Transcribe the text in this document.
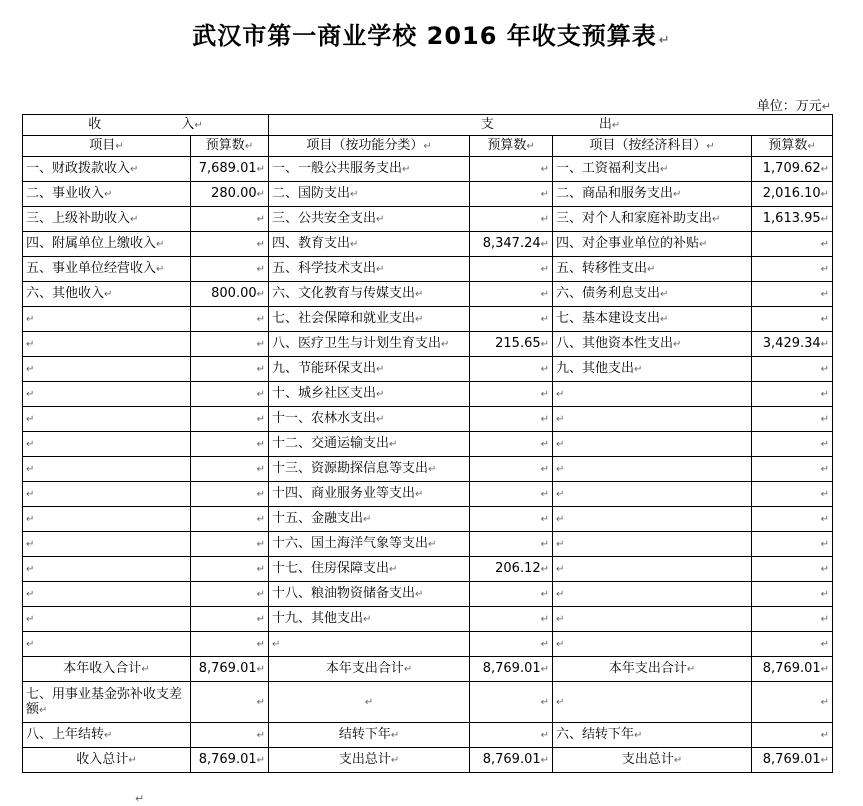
武汉市第一商业学校 2016 年收支预算表 ↵
单位：万元↵
收 入↵		支 出↵			
项目↵	预算数↵	项目（按功能分类）↵	预算数↵	项目（按经济科目）↵	预算数↵
一、财政拨款收入↵	7,689.01↵	一、一般公共服务支出↵	↵	一、工资福利支出↵	1,709.62↵
二、事业收入↵	280.00↵	二、国防支出↵	↵	二、商品和服务支出↵	2,016.10↵
三、上级补助收入↵	↵	三、公共安全支出↵	↵	三、对个人和家庭补助支出↵	1,613.95↵
四、附属单位上缴收入↵	↵	四、教育支出↵	8,347.24↵	四、对企事业单位的补贴↵	↵
五、事业单位经营收入↵	↵	五、科学技术支出↵	↵	五、转移性支出↵	↵
六、其他收入↵	800.00↵	六、文化教育与传媒支出↵	↵	六、债务利息支出↵	↵
↵	↵	七、社会保障和就业支出↵	↵	七、基本建设支出↵	↵
↵	↵	八、医疗卫生与计划生育支出↵	215.65↵	八、其他资本性支出↵	3,429.34↵
↵	↵	九、节能环保支出↵	↵	九、其他支出↵	↵
↵	↵	十、城乡社区支出↵	↵	↵	↵
↵	↵	十一、农林水支出↵	↵	↵	↵
↵	↵	十二、交通运输支出↵	↵	↵	↵
↵	↵	十三、资源勘探信息等支出↵	↵	↵	↵
↵	↵	十四、商业服务业等支出↵	↵	↵	↵
↵	↵	十五、金融支出↵	↵	↵	↵
↵	↵	十六、国土海洋气象等支出↵	↵	↵	↵
↵	↵	十七、住房保障支出↵	206.12↵	↵	↵
↵	↵	十八、粮油物资储备支出↵	↵	↵	↵
↵	↵	十九、其他支出↵	↵	↵	↵
↵	↵	↵	↵	↵	↵
本年收入合计↵	8,769.01↵	本年支出合计↵	8,769.01↵	本年支出合计↵	8,769.01↵
七、用事业基金弥补收支差额↵	↵	↵	↵	↵	↵
八、上年结转↵	↵	结转下年↵	↵	六、结转下年↵	↵
收入总计↵	8,769.01↵	支出总计↵	8,769.01↵	支出总计↵	8,769.01↵
↵
